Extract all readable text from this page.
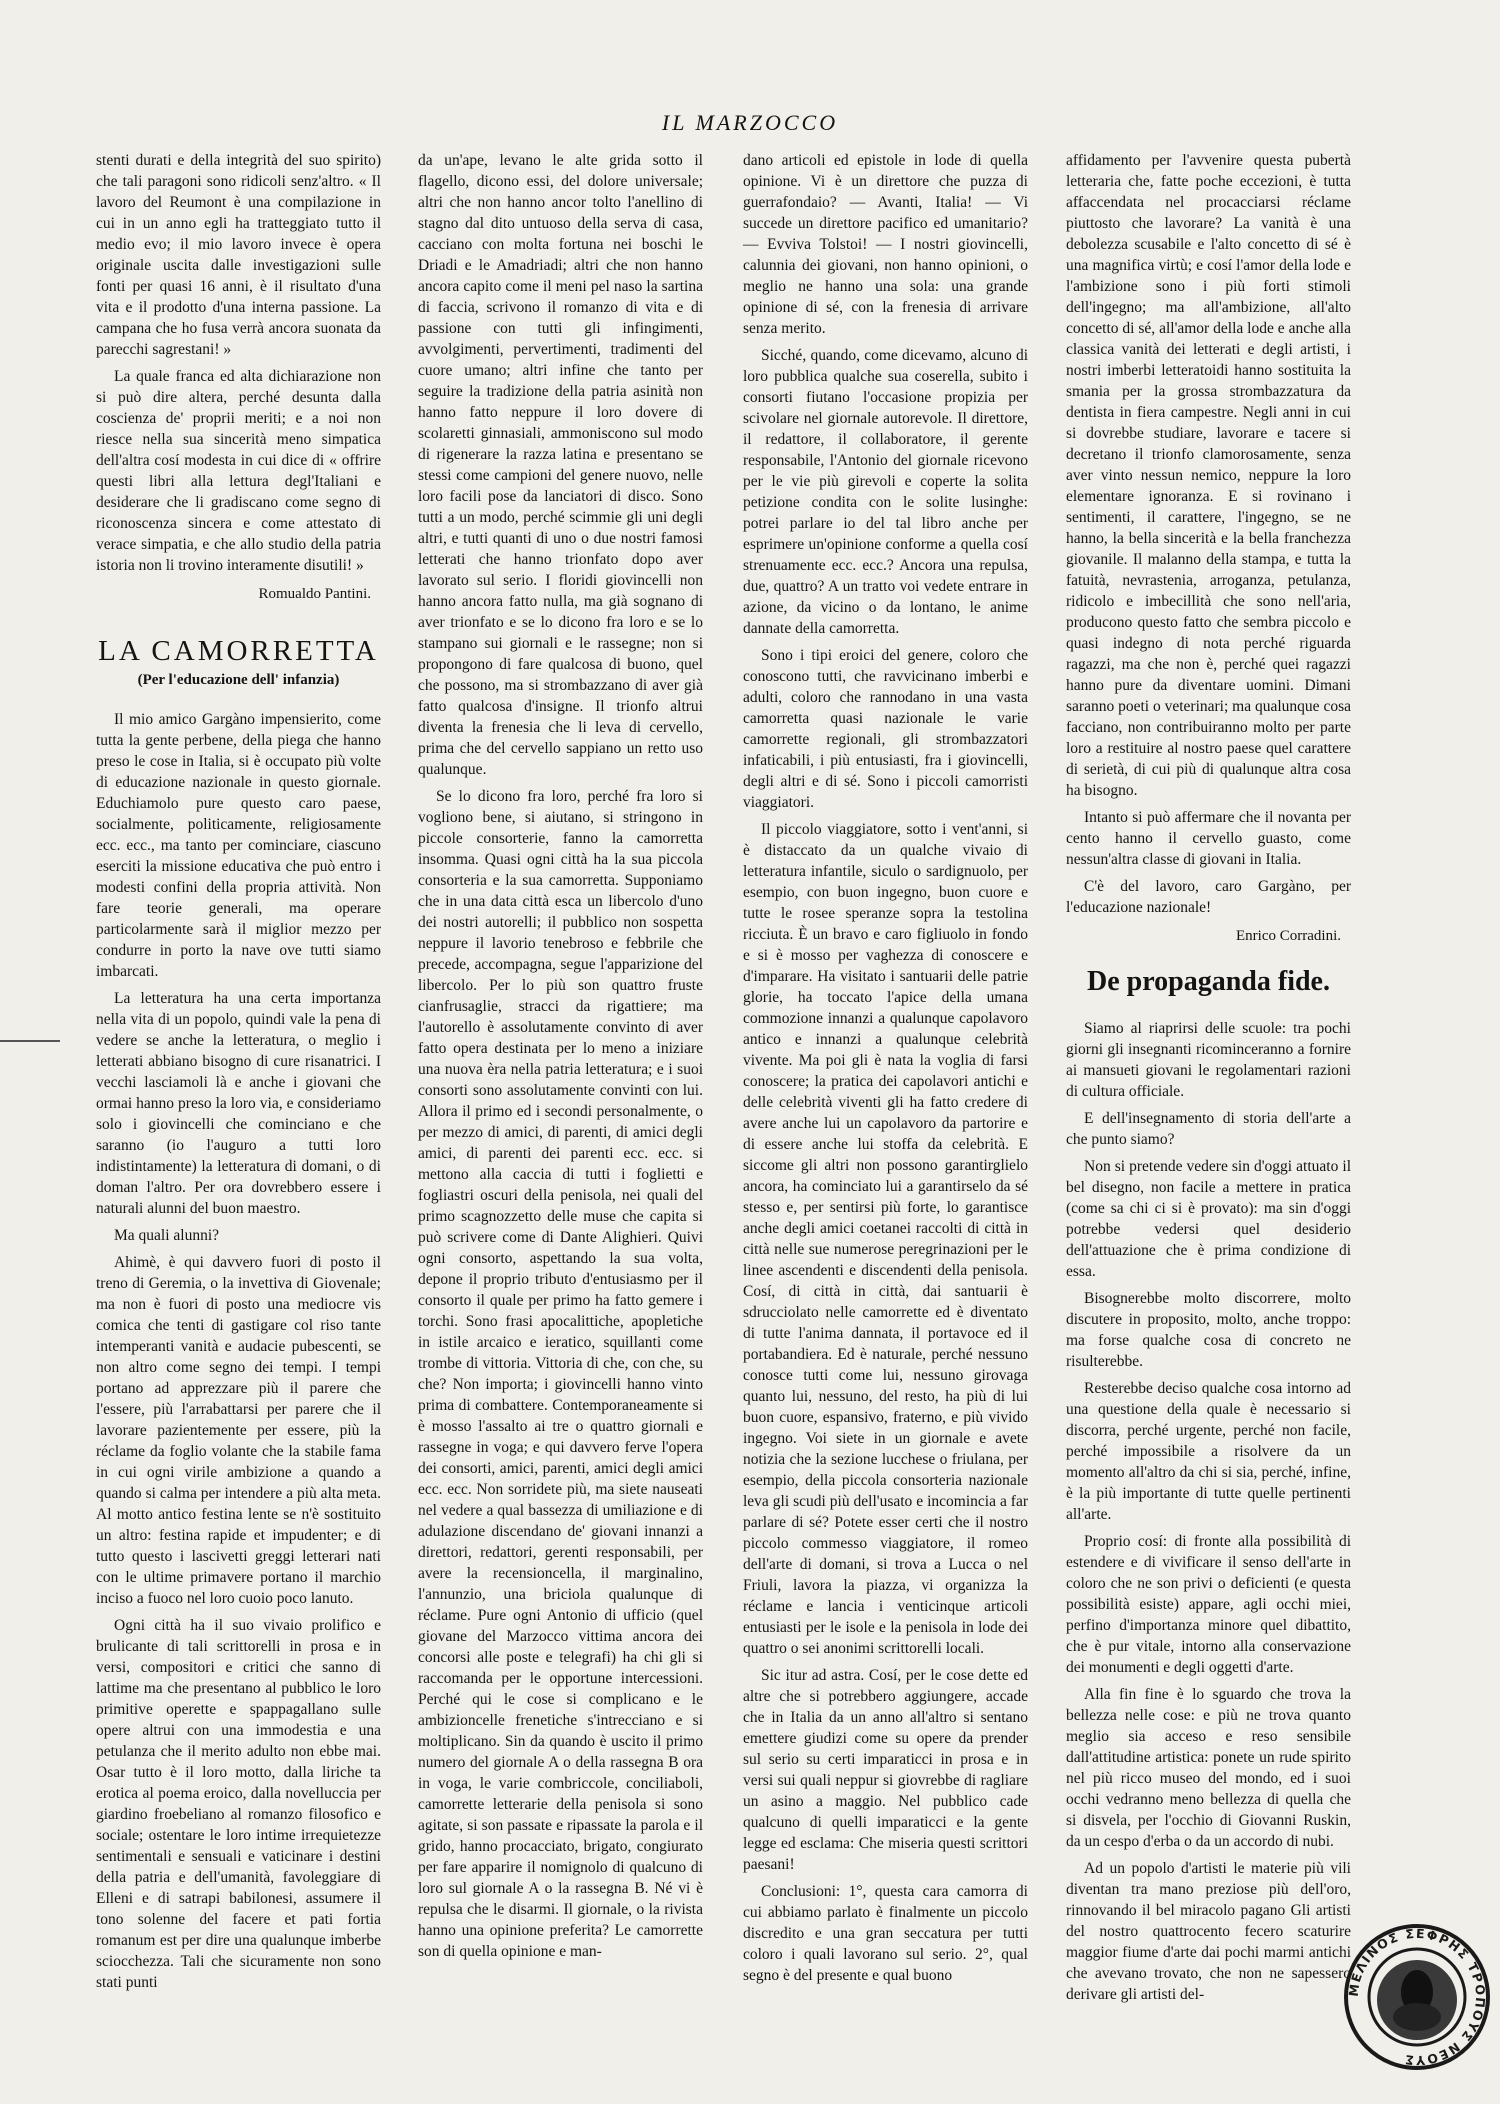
IL MARZOCCO

stenti durati e della integrità del suo spirito) che tali paragoni sono ridicoli senz'altro. « Il lavoro del Reumont è una compilazione in cui in un anno egli ha tratteggiato tutto il medio evo; il mio lavoro invece è opera originale uscita dalle investigazioni sulle fonti per quasi 16 anni, è il risultato d'una vita e il prodotto d'una interna passione. La campana che ho fusa verrà ancora suonata da parecchi sagrestani! »

La quale franca ed alta dichiarazione non si può dire altera, perché desunta dalla coscienza de' proprii meriti; e a noi non riesce nella sua sincerità meno simpatica dell'altra cosí modesta in cui dice di « offrire questi libri alla lettura degl'Italiani e desiderare che li gradiscano come segno di riconoscenza sincera e come attestato di verace simpatia, e che allo studio della patria istoria non li trovino interamente disutili! »

Romualdo Pantini.
LA CAMORRETTA
(Per l'educazione dell' infanzia)

Il mio amico Gargàno impensierito, come tutta la gente perbene, della piega che hanno preso le cose in Italia, si è occupato più volte di educazione nazionale in questo giornale. Educhiamolo pure questo caro paese, socialmente, politicamente, religiosamente ecc. ecc., ma tanto per cominciare, ciascuno eserciti la missione educativa che può entro i modesti confini della propria attività. Non fare teorie generali, ma operare particolarmente sarà il miglior mezzo per condurre in porto la nave ove tutti siamo imbarcati.

La letteratura ha una certa importanza nella vita di un popolo, quindi vale la pena di vedere se anche la letteratura, o meglio i letterati abbiano bisogno di cure risanatrici. I vecchi lasciamoli là e anche i giovani che ormai hanno preso la loro via, e consideriamo solo i giovincelli che cominciano e che saranno (io l'auguro a tutti loro indistintamente) la letteratura di domani, o di doman l'altro. Per ora dovrebbero essere i naturali alunni del buon maestro.

Ma quali alunni?

Ahimè, è qui davvero fuori di posto il treno di Geremia, o la invettiva di Giovenale; ma non è fuori di posto una mediocre vis comica che tenti di gastigare col riso tante intemperanti vanità e audacie pubescenti, se non altro come segno dei tempi. I tempi portano ad apprezzare più il parere che l'essere, più l'arrabattarsi per parere che il lavorare pazientemente per essere, più la réclame da foglio volante che la stabile fama in cui ogni virile ambizione a quando a quando si calma per intendere a più alta meta. Al motto antico festina lente se n'è sostituito un altro: festina rapide et impudenter; e di tutto questo i lascivetti greggi letterari nati con le ultime primavere portano il marchio inciso a fuoco nel loro cuoio poco lanuto.

Ogni città ha il suo vivaio prolifico e brulicante di tali scrittorelli in prosa e in versi, compositori e critici che sanno di lattime ma che presentano al pubblico le loro primitive operette e spappagallano sulle opere altrui con una immodestia e una petulanza che il merito adulto non ebbe mai. Osar tutto è il loro motto, dalla liriche ta erotica al poema eroico, dalla novelluccia per giardino froebeliano al romanzo filosofico e sociale; ostentare le loro intime irrequietezze sentimentali e sensuali e vaticinare i destini della patria e dell'umanità, favoleggiare di Elleni e di satrapi babilonesi, assumere il tono solenne del facere et pati fortia romanum est per dire una qualunque imberbe sciocchezza. Tali che sicuramente non sono stati punti

da un'ape, levano le alte grida sotto il flagello, dicono essi, del dolore universale; altri che non hanno ancor tolto l'anellino di stagno dal dito untuoso della serva di casa, cacciano con molta fortuna nei boschi le Driadi e le Amadriadi; altri che non hanno ancora capito come il meni pel naso la sartina di faccia, scrivono il romanzo di vita e di passione con tutti gli infingimenti, avvolgimenti, pervertimenti, tradimenti del cuore umano; altri infine che tanto per seguire la tradizione della patria asinità non hanno fatto neppure il loro dovere di scolaretti ginnasiali, ammoniscono sul modo di rigenerare la razza latina e presentano se stessi come campioni del genere nuovo, nelle loro facili pose da lanciatori di disco. Sono tutti a un modo, perché scimmie gli uni degli altri, e tutti quanti di uno o due nostri famosi letterati che hanno trionfato dopo aver lavorato sul serio. I floridi giovincelli non hanno ancora fatto nulla, ma già sognano di aver trionfato e se lo dicono fra loro e se lo stampano sui giornali e le rassegne; non si propongono di fare qualcosa di buono, quel che possono, ma si strombazzano di aver già fatto qualcosa d'insigne. Il trionfo altrui diventa la frenesia che li leva di cervello, prima che del cervello sappiano un retto uso qualunque.

Se lo dicono fra loro, perché fra loro si vogliono bene, si aiutano, si stringono in piccole consorterie, fanno la camorretta insomma. Quasi ogni città ha la sua piccola consorteria e la sua camorretta. Supponiamo che in una data città esca un libercolo d'uno dei nostri autorelli; il pubblico non sospetta neppure il lavorio tenebroso e febbrile che precede, accompagna, segue l'apparizione del libercolo. Per lo più son quattro fruste cianfrusaglie, stracci da rigattiere; ma l'autorello è assolutamente convinto di aver fatto opera destinata per lo meno a iniziare una nuova èra nella patria letteratura; e i suoi consorti sono assolutamente convinti con lui. Allora il primo ed i secondi personalmente, o per mezzo di amici, di parenti, di amici degli amici, di parenti dei parenti ecc. ecc. si mettono alla caccia di tutti i foglietti e fogliastri oscuri della penisola, nei quali del primo scagnozzetto delle muse che capita si può scrivere come di Dante Alighieri. Quivi ogni consorto, aspettando la sua volta, depone il proprio tributo d'entusiasmo per il consorto il quale per primo ha fatto gemere i torchi. Sono frasi apocalittiche, apopletiche in istile arcaico e ieratico, squillanti come trombe di vittoria. Vittoria di che, con che, su che? Non importa; i giovincelli hanno vinto prima di combattere. Contemporaneamente si è mosso l'assalto ai tre o quattro giornali e rassegne in voga; e qui davvero ferve l'opera dei consorti, amici, parenti, amici degli amici ecc. ecc. Non sorridete più, ma siete nauseati nel vedere a qual bassezza di umiliazione e di adulazione discendano de' giovani innanzi a direttori, redattori, gerenti responsabili, per avere la recensioncella, il marginalino, l'annunzio, una briciola qualunque di réclame. Pure ogni Antonio di ufficio (quel giovane del Marzocco vittima ancora dei concorsi alle poste e telegrafi) ha chi gli si raccomanda per le opportune intercessioni. Perché qui le cose si complicano e le ambizioncelle frenetiche s'intrecciano e si moltiplicano. Sin da quando è uscito il primo numero del giornale A o della rassegna B ora in voga, le varie combriccole, conciliaboli, camorrette letterarie della penisola si sono agitate, si son passate e ripassate la parola e il grido, hanno procacciato, brigato, congiurato per fare apparire il nomignolo di qualcuno di loro sul giornale A o la rassegna B. Né vi è repulsa che le disarmi. Il giornale, o la rivista hanno una opinione preferita? Le camorrette son di quella opinione e man-

dano articoli ed epistole in lode di quella opinione. Vi è un direttore che puzza di guerrafondaio? — Avanti, Italia! — Vi succede un direttore pacifico ed umanitario? — Evviva Tolstoi! — I nostri giovincelli, calunnia dei giovani, non hanno opinioni, o meglio ne hanno una sola: una grande opinione di sé, con la frenesia di arrivare senza merito.

Sicché, quando, come dicevamo, alcuno di loro pubblica qualche sua coserella, subito i consorti fiutano l'occasione propizia per scivolare nel giornale autorevole. Il direttore, il redattore, il collaboratore, il gerente responsabile, l'Antonio del giornale ricevono per le vie più girevoli e coperte la solita petizione condita con le solite lusinghe: potrei parlare io del tal libro anche per esprimere un'opinione conforme a quella cosí strenuamente ecc. ecc.? Ancora una repulsa, due, quattro? A un tratto voi vedete entrare in azione, da vicino o da lontano, le anime dannate della camorretta.

Sono i tipi eroici del genere, coloro che conoscono tutti, che ravvicinano imberbi e adulti, coloro che rannodano in una vasta camorretta quasi nazionale le varie camorrette regionali, gli strombazzatori infaticabili, i più entusiasti, fra i giovincelli, degli altri e di sé. Sono i piccoli camorristi viaggiatori.

Il piccolo viaggiatore, sotto i vent'anni, si è distaccato da un qualche vivaio di letteratura infantile, siculo o sardignuolo, per esempio, con buon ingegno, buon cuore e tutte le rosee speranze sopra la testolina ricciuta. È un bravo e caro figliuolo in fondo e si è mosso per vaghezza di conoscere e d'imparare. Ha visitato i santuarii delle patrie glorie, ha toccato l'apice della umana commozione innanzi a qualunque capolavoro antico e innanzi a qualunque celebrità vivente. Ma poi gli è nata la voglia di farsi conoscere; la pratica dei capolavori antichi e delle celebrità viventi gli ha fatto credere di avere anche lui un capolavoro da partorire e di essere anche lui stoffa da celebrità. E siccome gli altri non possono garantirglielo ancora, ha cominciato lui a garantirselo da sé stesso e, per sentirsi più forte, lo garantisce anche degli amici coetanei raccolti di città in città nelle sue numerose peregrinazioni per le linee ascendenti e discendenti della penisola. Cosí, di città in città, dai santuarii è sdrucciolato nelle camorrette ed è diventato di tutte l'anima dannata, il portavoce ed il portabandiera. Ed è naturale, perché nessuno conosce tutti come lui, nessuno girovaga quanto lui, nessuno, del resto, ha più di lui buon cuore, espansivo, fraterno, e più vivido ingegno. Voi siete in un giornale e avete notizia che la sezione lucchese o friulana, per esempio, della piccola consorteria nazionale leva gli scudi più dell'usato e incomincia a far parlare di sé? Potete esser certi che il nostro piccolo commesso viaggiatore, il romeo dell'arte di domani, si trova a Lucca o nel Friuli, lavora la piazza, vi organizza la réclame e lancia i venticinque articoli entusiasti per le isole e la penisola in lode dei quattro o sei anonimi scrittorelli locali.

Sic itur ad astra. Cosí, per le cose dette ed altre che si potrebbero aggiungere, accade che in Italia da un anno all'altro si sentano emettere giudizi come su opere da prender sul serio su certi imparaticci in prosa e in versi sui quali neppur si giovrebbe di ragliare un asino a maggio. Nel pubblico cade qualcuno di quelli imparaticci e la gente legge ed esclama: Che miseria questi scrittori paesani!

Conclusioni: 1°, questa cara camorra di cui abbiamo parlato è finalmente un piccolo discredito e una gran seccatura per tutti coloro i quali lavorano sul serio. 2°, qual segno è del presente e qual buono

affidamento per l'avvenire questa pubertà letteraria che, fatte poche eccezioni, è tutta affaccendata nel procacciarsi réclame piuttosto che lavorare? La vanità è una debolezza scusabile e l'alto concetto di sé è una magnifica virtù; e cosí l'amor della lode e l'ambizione sono i più forti stimoli dell'ingegno; ma all'ambizione, all'alto concetto di sé, all'amor della lode e anche alla classica vanità dei letterati e degli artisti, i nostri imberbi letteratoidi hanno sostituita la smania per la grossa strombazzatura da dentista in fiera campestre. Negli anni in cui si dovrebbe studiare, lavorare e tacere si decretano il trionfo clamorosamente, senza aver vinto nessun nemico, neppure la loro elementare ignoranza. E si rovinano i sentimenti, il carattere, l'ingegno, se ne hanno, la bella sincerità e la bella franchezza giovanile. Il malanno della stampa, e tutta la fatuità, nevrastenia, arroganza, petulanza, ridicolo e imbecillità che sono nell'aria, producono questo fatto che sembra piccolo e quasi indegno di nota perché riguarda ragazzi, ma che non è, perché quei ragazzi hanno pure da diventare uomini. Dimani saranno poeti o veterinari; ma qualunque cosa facciano, non contribuiranno molto per parte loro a restituire al nostro paese quel carattere di serietà, di cui più di qualunque altra cosa ha bisogno.

Intanto si può affermare che il novanta per cento hanno il cervello guasto, come nessun'altra classe di giovani in Italia.

C'è del lavoro, caro Gargàno, per l'educazione nazionale!

Enrico Corradini.
De propaganda fide.

Siamo al riaprirsi delle scuole: tra pochi giorni gli insegnanti ricominceranno a fornire ai mansueti giovani le regolamentari razioni di cultura officiale.

E dell'insegnamento di storia dell'arte a che punto siamo?

Non si pretende vedere sin d'oggi attuato il bel disegno, non facile a mettere in pratica (come sa chi ci si è provato): ma sin d'oggi potrebbe vedersi quel desiderio dell'attuazione che è prima condizione di essa.

Bisognerebbe molto discorrere, molto discutere in proposito, molto, anche troppo: ma forse qualche cosa di concreto ne risulterebbe.

Resterebbe deciso qualche cosa intorno ad una questione della quale è necessario si discorra, perché urgente, perché non facile, perché impossibile a risolvere da un momento all'altro da chi si sia, perché, infine, è la più importante di tutte quelle pertinenti all'arte.

Proprio cosí: di fronte alla possibilità di estendere e di vivificare il senso dell'arte in coloro che ne son privi o deficienti (e questa possibilità esiste) appare, agli occhi miei, perfino d'importanza minore quel dibattito, che è pur vitale, intorno alla conservazione dei monumenti e degli oggetti d'arte.

Alla fin fine è lo sguardo che trova la bellezza nelle cose: e più ne trova quanto meglio sia acceso e reso sensibile dall'attitudine artistica: ponete un rude spirito nel più ricco museo del mondo, ed i suoi occhi vedranno meno bellezza di quella che si disvela, per l'occhio di Giovanni Ruskin, da un cespo d'erba o da un accordo di nubi.

Ad un popolo d'artisti le materie più vili diventan tra mano preziose più dell'oro, rinnovando il bel miracolo pagano Gli artisti del nostro quattrocento fecero scaturire maggior fiume d'arte dai pochi marmi antichi che avevano trovato, che non ne sapessero derivare gli artisti del-	ΜΕΛΙΝΟΣ ΣΕΦΡΗΣ ΤΡΟΠΟΥΣ ΝΕΟΥΣ
